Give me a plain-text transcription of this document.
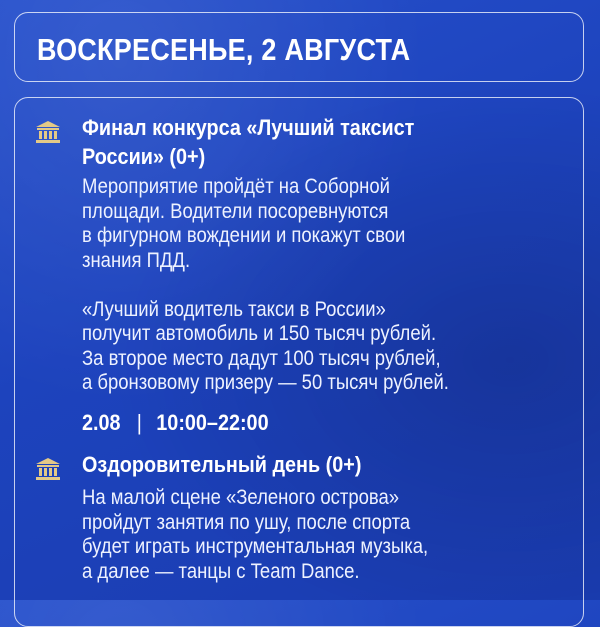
ВОСКРЕСЕНЬЕ, 2 АВГУСТА
Финал конкурса «Лучший таксист
России» (0+)
Мероприятие пройдёт на Соборной
площади. Водители посоревнуются
в фигурном вождении и покажут свои
знания ПДД.
«Лучший водитель такси в России»
получит автомобиль и 150 тысяч рублей.
За второе место дадут 100 тысяч рублей,
а бронзовому призеру — 50 тысяч рублей.
2.08 | 10:00–22:00
Оздоровительный день (0+)
На малой сцене «Зеленого острова»
пройдут занятия по ушу, после спорта
будет играть инструментальная музыка,
а далее — танцы с Team Dance.
